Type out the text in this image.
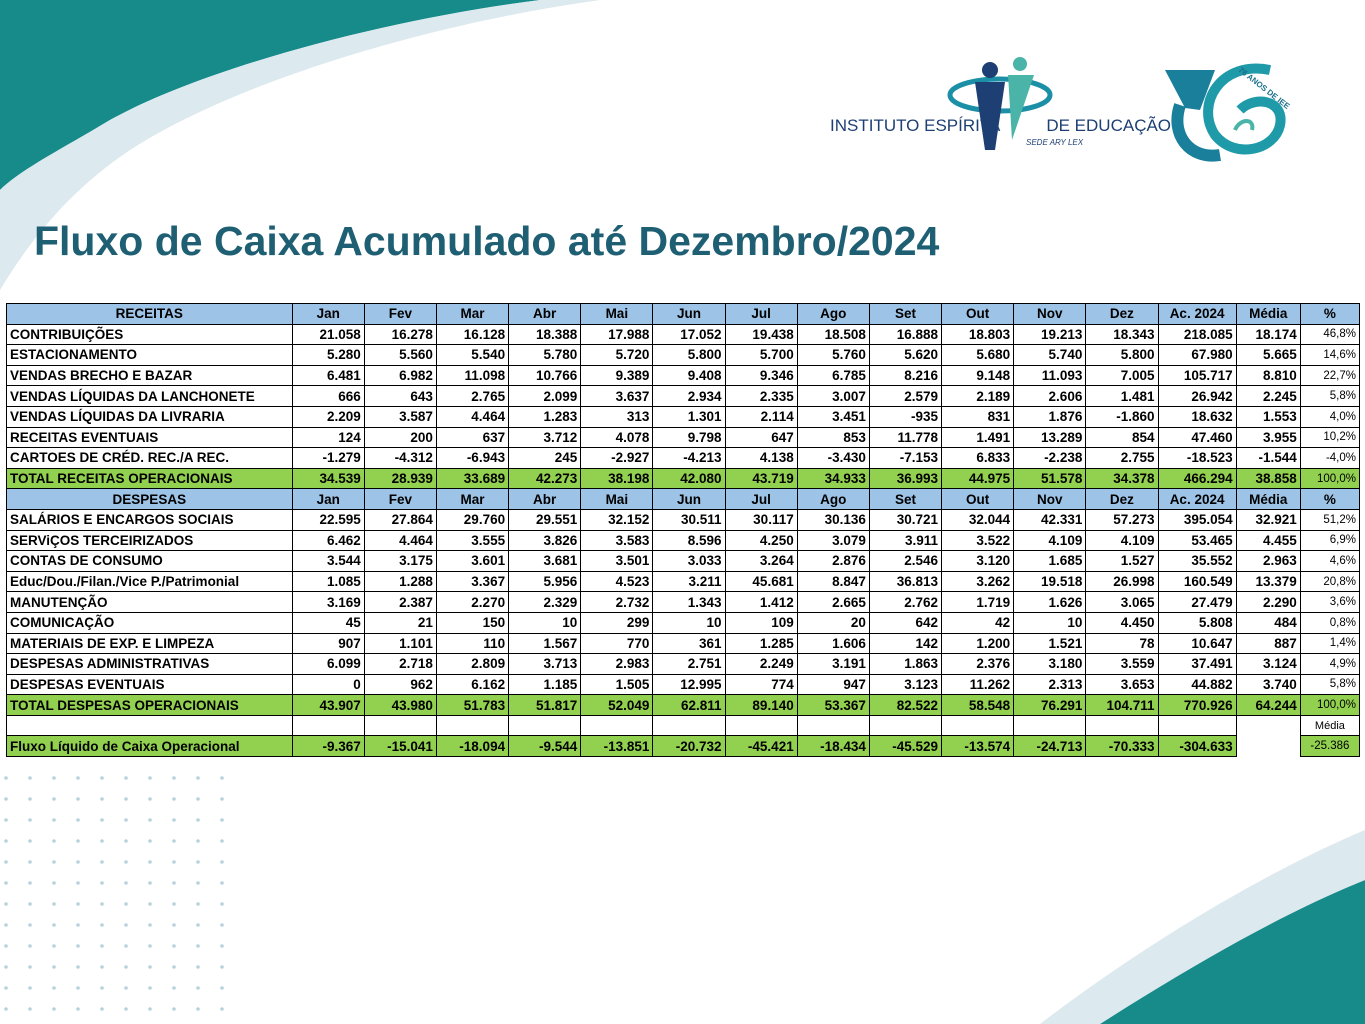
INSTITUTO ESPÍRITA	DE EDUCAÇÃO
SEDE ARY LEX
76 ANOS DE IEE
Fluxo de Caixa Acumulado até Dezembro/2024
RECEITAS	Jan	Fev	Mar	Abr	Mai	Jun	Jul	Ago	Set	Out	Nov	Dez	Ac. 2024	Média	%
CONTRIBUIÇÕES	21.058	16.278	16.128	18.388	17.988	17.052	19.438	18.508	16.888	18.803	19.213	18.343	218.085	18.174	46,8%
ESTACIONAMENTO	5.280	5.560	5.540	5.780	5.720	5.800	5.700	5.760	5.620	5.680	5.740	5.800	67.980	5.665	14,6%
VENDAS BRECHO E BAZAR	6.481	6.982	11.098	10.766	9.389	9.408	9.346	6.785	8.216	9.148	11.093	7.005	105.717	8.810	22,7%
VENDAS LÍQUIDAS DA LANCHONETE	666	643	2.765	2.099	3.637	2.934	2.335	3.007	2.579	2.189	2.606	1.481	26.942	2.245	5,8%
VENDAS LÍQUIDAS DA LIVRARIA	2.209	3.587	4.464	1.283	313	1.301	2.114	3.451	-935	831	1.876	-1.860	18.632	1.553	4,0%
RECEITAS EVENTUAIS	124	200	637	3.712	4.078	9.798	647	853	11.778	1.491	13.289	854	47.460	3.955	10,2%
CARTOES DE CRÉD. REC./A REC.	-1.279	-4.312	-6.943	245	-2.927	-4.213	4.138	-3.430	-7.153	6.833	-2.238	2.755	-18.523	-1.544	-4,0%
TOTAL RECEITAS OPERACIONAIS	34.539	28.939	33.689	42.273	38.198	42.080	43.719	34.933	36.993	44.975	51.578	34.378	466.294	38.858	100,0%
DESPESAS	Jan	Fev	Mar	Abr	Mai	Jun	Jul	Ago	Set	Out	Nov	Dez	Ac. 2024	Média	%
SALÁRIOS E ENCARGOS SOCIAIS	22.595	27.864	29.760	29.551	32.152	30.511	30.117	30.136	30.721	32.044	42.331	57.273	395.054	32.921	51,2%
SERViÇOS TERCEIRIZADOS	6.462	4.464	3.555	3.826	3.583	8.596	4.250	3.079	3.911	3.522	4.109	4.109	53.465	4.455	6,9%
CONTAS DE CONSUMO	3.544	3.175	3.601	3.681	3.501	3.033	3.264	2.876	2.546	3.120	1.685	1.527	35.552	2.963	4,6%
Educ/Dou./Filan./Vice P./Patrimonial	1.085	1.288	3.367	5.956	4.523	3.211	45.681	8.847	36.813	3.262	19.518	26.998	160.549	13.379	20,8%
MANUTENÇÃO	3.169	2.387	2.270	2.329	2.732	1.343	1.412	2.665	2.762	1.719	1.626	3.065	27.479	2.290	3,6%
COMUNICAÇÃO	45	21	150	10	299	10	109	20	642	42	10	4.450	5.808	484	0,8%
MATERIAIS DE EXP. E LIMPEZA	907	1.101	110	1.567	770	361	1.285	1.606	142	1.200	1.521	78	10.647	887	1,4%
DESPESAS ADMINISTRATIVAS	6.099	2.718	2.809	3.713	2.983	2.751	2.249	3.191	1.863	2.376	3.180	3.559	37.491	3.124	4,9%
DESPESAS EVENTUAIS	0	962	6.162	1.185	1.505	12.995	774	947	3.123	11.262	2.313	3.653	44.882	3.740	5,8%
TOTAL DESPESAS OPERACIONAIS	43.907	43.980	51.783	51.817	52.049	62.811	89.140	53.367	82.522	58.548	76.291	104.711	770.926	64.244	100,0%
															Média
Fluxo Líquido de Caixa Operacional	-9.367	-15.041	-18.094	-9.544	-13.851	-20.732	-45.421	-18.434	-45.529	-13.574	-24.713	-70.333	-304.633		-25.386
